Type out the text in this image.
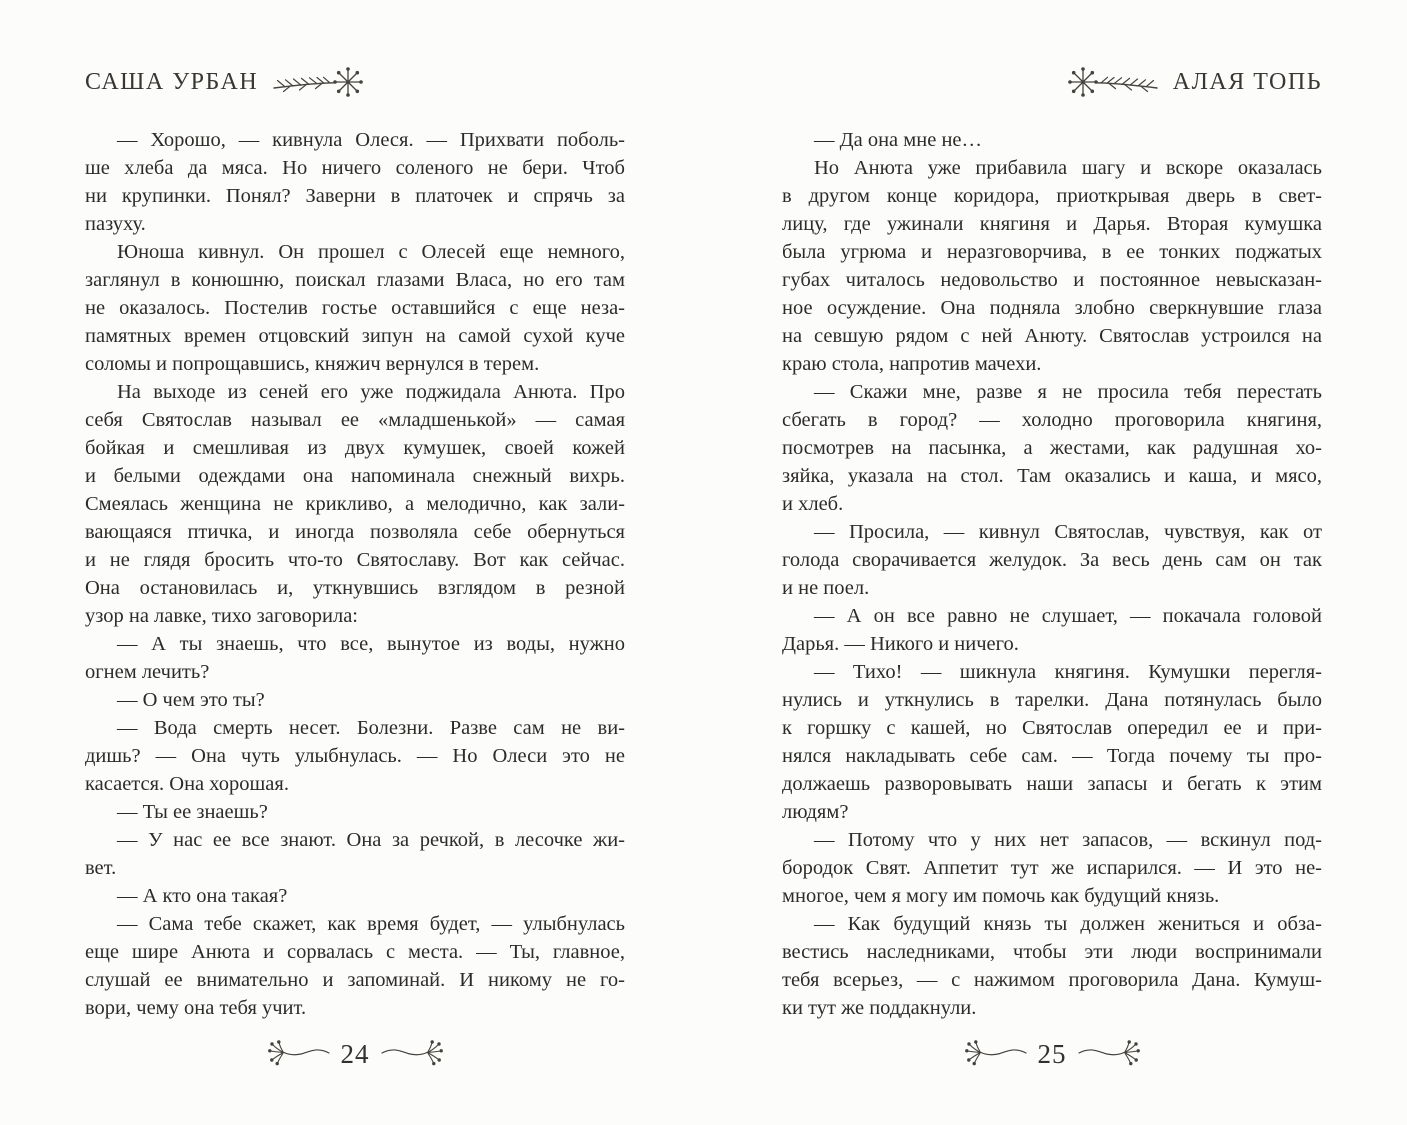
САША УРБАН	АЛАЯ ТОПЬ
— Хорошо, — кивнула Олеся. — Прихвати поболь-
ше хлеба да мяса. Но ничего соленого не бери. Чтоб
ни крупинки. Понял? Заверни в платочек и спрячь за
пазуху.
Юноша кивнул. Он прошел с Олесей еще немного,
заглянул в конюшню, поискал глазами Власа, но его там
не оказалось. Постелив гостье оставшийся с еще неза-
памятных времен отцовский зипун на самой сухой куче
соломы и попрощавшись, княжич вернулся в терем.
На выходе из сеней его уже поджидала Анюта. Про
себя Святослав называл ее «младшенькой» — самая
бойкая и смешливая из двух кумушек, своей кожей
и белыми одеждами она напоминала снежный вихрь.
Смеялась женщина не крикливо, а мелодично, как зали-
вающаяся птичка, и иногда позволяла себе обернуться
и не глядя бросить что-то Святославу. Вот как сейчас.
Она остановилась и, уткнувшись взглядом в резной
узор на лавке, тихо заговорила:
— А ты знаешь, что все, вынутое из воды, нужно
огнем лечить?
— О чем это ты?
— Вода смерть несет. Болезни. Разве сам не ви-
дишь? — Она чуть улыбнулась. — Но Олеси это не
касается. Она хорошая.
— Ты ее знаешь?
— У нас ее все знают. Она за речкой, в лесочке жи-
вет.
— А кто она такая?
— Сама тебе скажет, как время будет, — улыбнулась
еще шире Анюта и сорвалась с места. — Ты, главное,
слушай ее внимательно и запоминай. И никому не го-
вори, чему она тебя учит.
— Да она мне не…
Но Анюта уже прибавила шагу и вскоре оказалась
в другом конце коридора, приоткрывая дверь в свет-
лицу, где ужинали княгиня и Дарья. Вторая кумушка
была угрюма и неразговорчива, в ее тонких поджатых
губах читалось недовольство и постоянное невысказан-
ное осуждение. Она подняла злобно сверкнувшие глаза
на севшую рядом с ней Анюту. Святослав устроился на
краю стола, напротив мачехи.
— Скажи мне, разве я не просила тебя перестать
сбегать в город? — холодно проговорила княгиня,
посмотрев на пасынка, а жестами, как радушная хо-
зяйка, указала на стол. Там оказались и каша, и мясо,
и хлеб.
— Просила, — кивнул Святослав, чувствуя, как от
голода сворачивается желудок. За весь день сам он так
и не поел.
— А он все равно не слушает, — покачала головой
Дарья. — Никого и ничего.
— Тихо! — шикнула княгиня. Кумушки перегля-
нулись и уткнулись в тарелки. Дана потянулась было
к горшку с кашей, но Святослав опередил ее и при-
нялся накладывать себе сам. — Тогда почему ты про-
должаешь разворовывать наши запасы и бегать к этим
людям?
— Потому что у них нет запасов, — вскинул под-
бородок Свят. Аппетит тут же испарился. — И это не-
многое, чем я могу им помочь как будущий князь.
— Как будущий князь ты должен жениться и обза-
вестись наследниками, чтобы эти люди воспринимали
тебя всерьез, — с нажимом проговорила Дана. Кумуш-
ки тут же поддакнули.
24	25
